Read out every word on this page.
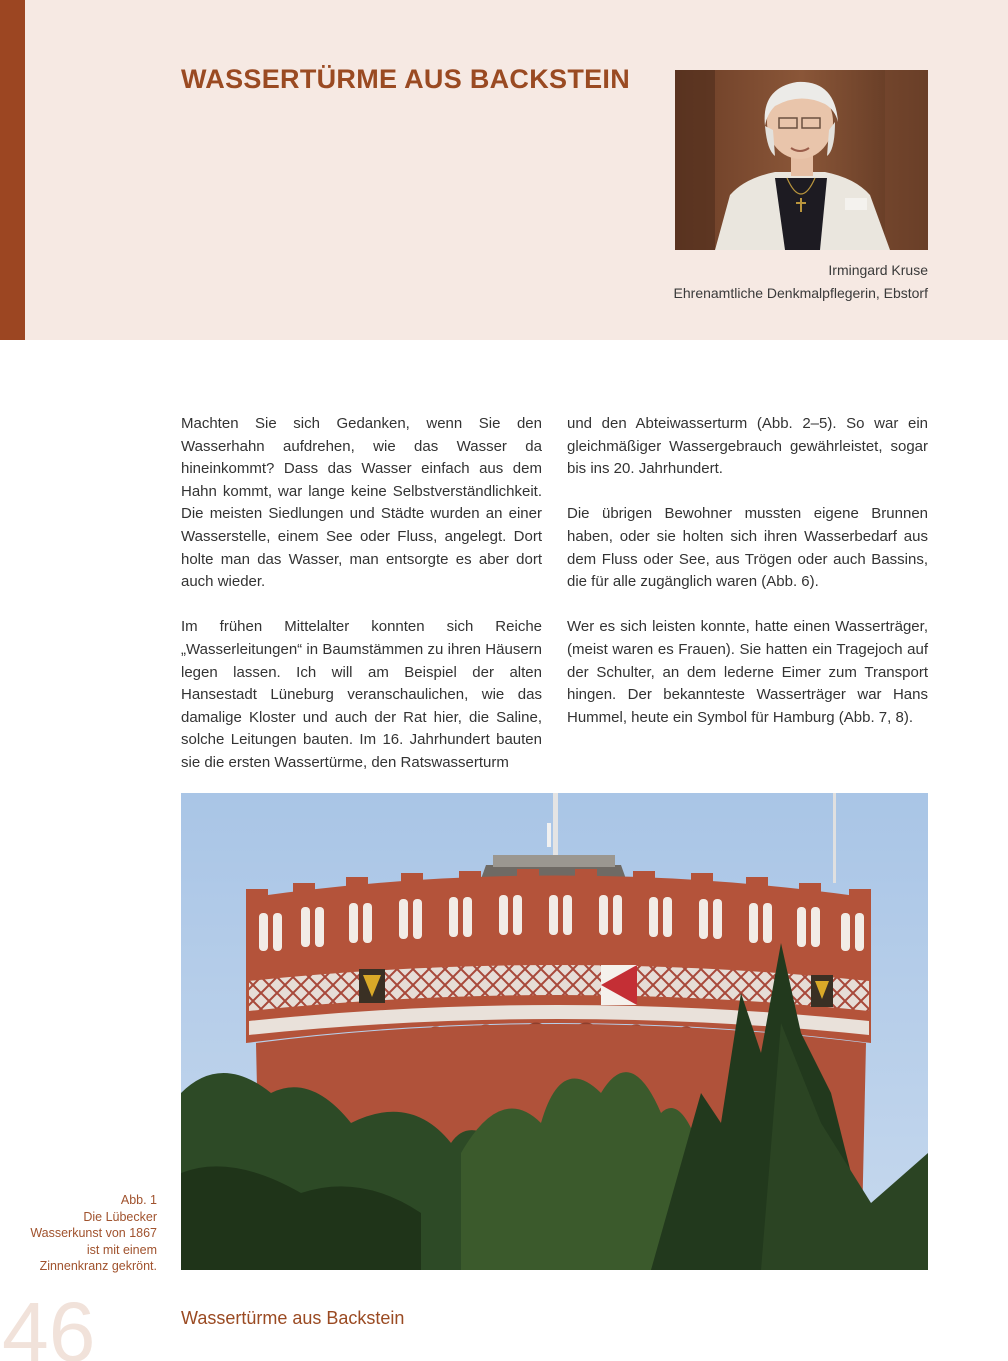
WASSERTÜRME AUS BACKSTEIN
Irmingard Kruse
Ehrenamtliche Denkmalpflegerin, Ebstorf

Machten Sie sich Gedanken, wenn Sie den Wasserhahn aufdrehen, wie das Wasser da hineinkommt? Dass das Wasser einfach aus dem Hahn kommt, war lange keine Selbstverständlichkeit. Die meisten Siedlungen und Städte wurden an einer Wasserstelle, einem See oder Fluss, angelegt. Dort holte man das Wasser, man entsorgte es aber dort auch wieder.

Im frühen Mittelalter konnten sich Reiche „Wasserleitungen“ in Baumstämmen zu ihren Häusern legen lassen. Ich will am Beispiel der alten Hansestadt Lüneburg veranschaulichen, wie das damalige Kloster und auch der Rat hier, die Saline, solche Leitungen bauten. Im 16. Jahrhundert bauten sie die ersten Wassertürme, den Ratswasserturm

und den Abteiwasserturm (Abb. 2–5). So war ein gleichmäßiger Wassergebrauch gewährleistet, sogar bis ins 20. Jahrhundert.

Die übrigen Bewohner mussten eigene Brunnen haben, oder sie holten sich ihren Wasserbedarf aus dem Fluss oder See, aus Trögen oder auch Bassins, die für alle zugänglich waren (Abb. 6).

Wer es sich leisten konnte, hatte einen Wasserträger, (meist waren es Frauen). Sie hatten ein Tragejoch auf der Schulter, an dem lederne Eimer zum Transport hingen. Der bekannteste Wasserträger war Hans Hummel, heute ein Symbol für Hamburg (Abb. 7, 8).

Abb. 1
Die Lübecker Wasserkunst von 1867 ist mit einem Zinnenkranz gekrönt.
46	Wassertürme aus Backstein
